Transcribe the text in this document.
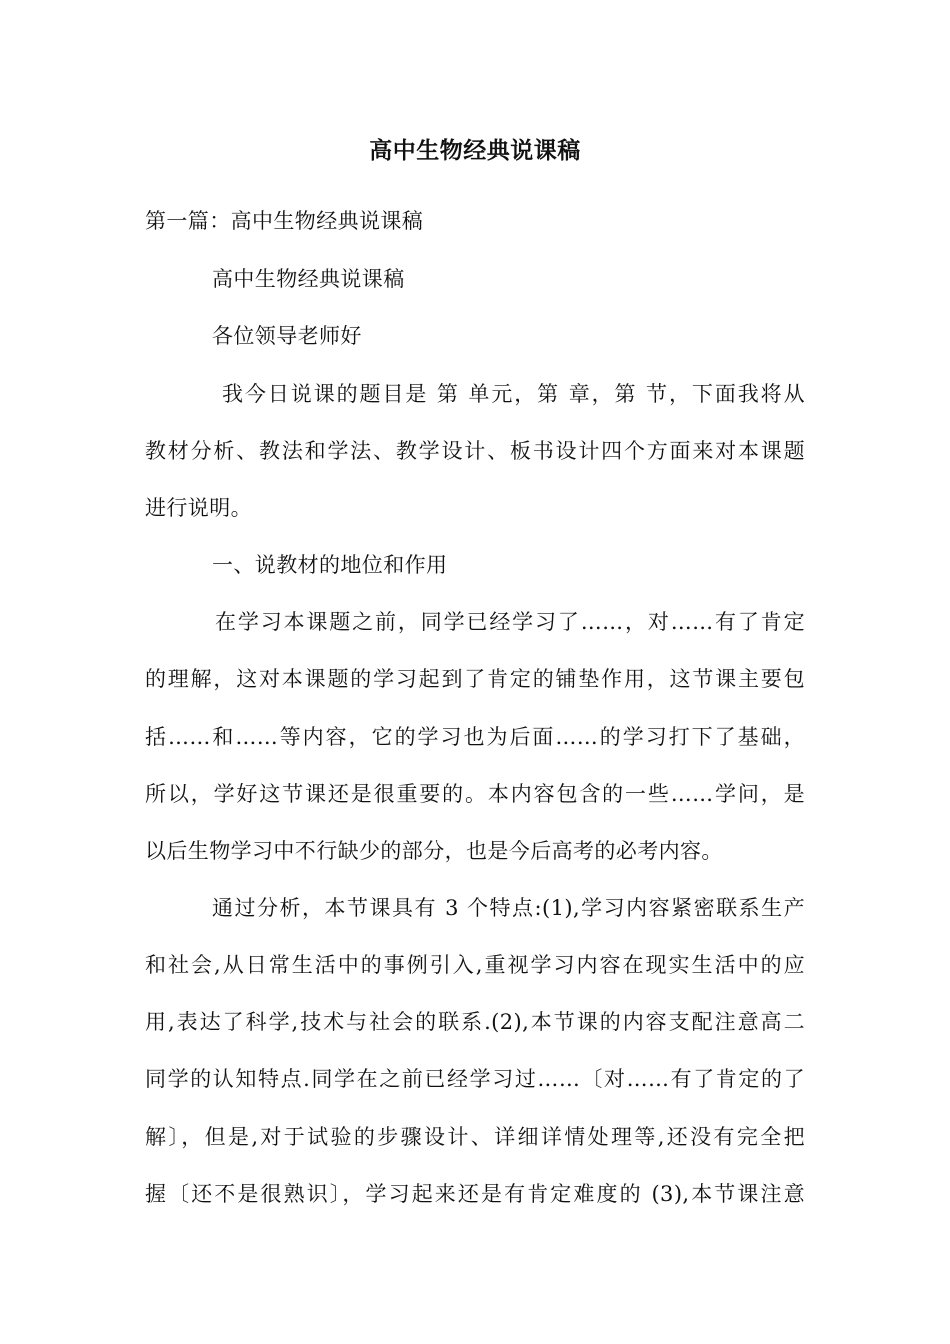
高中生物经典说课稿
第一篇：高中生物经典说课稿
高中生物经典说课稿
各位领导老师好
我今日说课的题目是 第 单元，第 章，第 节，下面我将从
教材分析、教法和学法、教学设计、板书设计四个方面来对本课题
进行说明。
一、说教材的地位和作用
在学习本课题之前，同学已经学习了……，对……有了肯定
的理解，这对本课题的学习起到了肯定的铺垫作用，这节课主要包
括……和……等内容，它的学习也为后面……的学习打下了基础，
所以，学好这节课还是很重要的。本内容包含的一些……学问，是
以后生物学习中不行缺少的部分，也是今后高考的必考内容。
通过分析，本节课具有 3 个特点:(1),学习内容紧密联系生产
和社会,从日常生活中的事例引入,重视学习内容在现实生活中的应
用,表达了科学,技术与社会的联系.(2),本节课的内容支配注意高二
同学的认知特点.同学在之前已经学习过……〔对……有了肯定的了
解〕，但是,对于试验的步骤设计、详细详情处理等,还没有完全把
握〔还不是很熟识〕，学习起来还是有肯定难度的 (3),本节课注意
